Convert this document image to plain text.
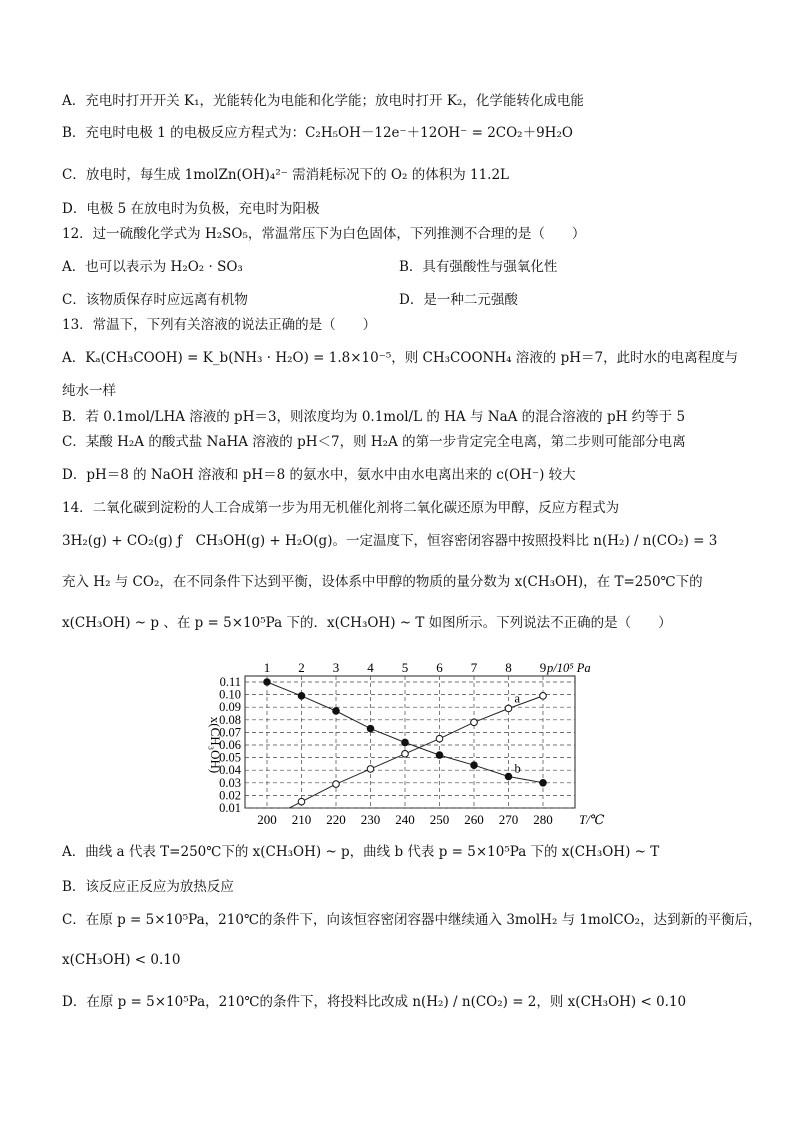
A．充电时打开开关 K₁，光能转化为电能和化学能；放电时打开 K₂，化学能转化成电能
B．充电时电极 1 的电极反应方程式为：C₂H₅OH－12e⁻＋12OH⁻ = 2CO₂＋9H₂O
C．放电时，每生成 1molZn(OH)₄²⁻ 需消耗标况下的 O₂ 的体积为 11.2L
D．电极 5 在放电时为负极，充电时为阳极
12．过一硫酸化学式为 H₂SO₅，常温常压下为白色固体，下列推测不合理的是（　　）
A．也可以表示为 H₂O₂ · SO₃	B．具有强酸性与强氧化性
C．该物质保存时应远离有机物	D．是一种二元强酸
13．常温下，下列有关溶液的说法正确的是（　　）
A．Kₐ(CH₃COOH) = K_b(NH₃ · H₂O) = 1.8×10⁻⁵，则 CH₃COONH₄ 溶液的 pH＝7，此时水的电离程度与
纯水一样
B．若 0.1mol/LHA 溶液的 pH＝3，则浓度均为 0.1mol/L 的 HA 与 NaA 的混合溶液的 pH 约等于 5
C．某酸 H₂A 的酸式盐 NaHA 溶液的 pH＜7，则 H₂A 的第一步肯定完全电离，第二步则可能部分电离
D．pH＝8 的 NaOH 溶液和 pH＝8 的氨水中，氨水中由水电离出来的 c(OH⁻) 较大
14．二氧化碳到淀粉的人工合成第一步为用无机催化剂将二氧化碳还原为甲醇，反应方程式为
3H₂(g) + CO₂(g) ƒ　CH₃OH(g) + H₂O(g)。一定温度下，恒容密闭容器中按照投料比 n(H₂) / n(CO₂) = 3
充入 H₂ 与 CO₂，在不同条件下达到平衡，设体系中甲醇的物质的量分数为 x(CH₃OH)，在 T=250℃下的
x(CH₃OH) ~ p 、在 p = 5×10⁵Pa 下的．x(CH₃OH) ~ T 如图所示。下列说法不正确的是（　　）
0.01
0.02
0.03
0.04
0.05
0.06
0.07
0.08
0.09
0.10
0.11
200
1
210
2
220
3
230
4
240
5
250
6
260
7
270
8
280
9
T/℃
p/10⁵ Pa
x(CH₃OH)
a
b
A．曲线 a 代表 T=250℃下的 x(CH₃OH) ~ p，曲线 b 代表 p = 5×10⁵Pa 下的 x(CH₃OH) ~ T
B．该反应正反应为放热反应
C．在原 p = 5×10⁵Pa，210℃的条件下，向该恒容密闭容器中继续通入 3molH₂ 与 1molCO₂，达到新的平衡后，
x(CH₃OH) < 0.10
D．在原 p = 5×10⁵Pa，210℃的条件下，将投料比改成 n(H₂) / n(CO₂) = 2，则 x(CH₃OH) < 0.10
